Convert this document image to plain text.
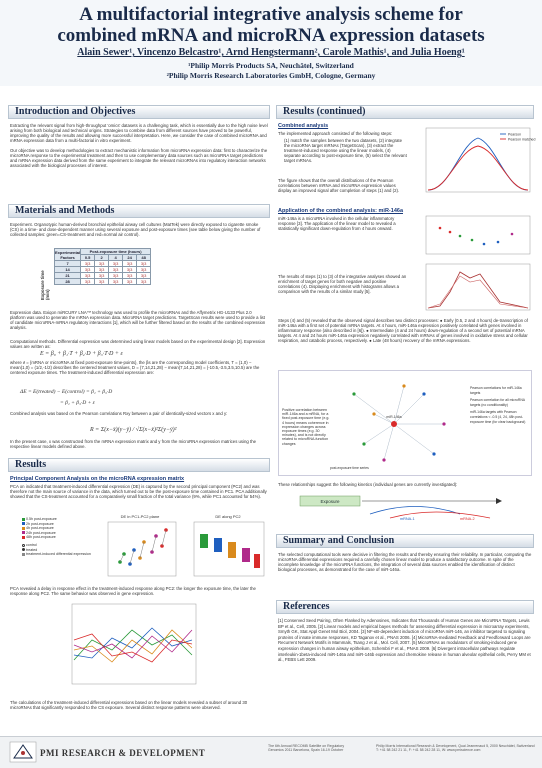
A multifactorial integrative analysis scheme for
combined mRNA and microRNA expression datasets
Alain Sewer¹, Vincenzo Belcastro¹, Arnd Hengstermann², Carole Mathis¹, and Julia Hoeng¹
¹Philip Morris Products SA, Neuchâtel, Switzerland
²Philip Morris Research Laboratories GmbH, Cologne, Germany
Introduction and Objectives
Extracting the relevant signal from high-throughput 'omics' datasets is a challenging task, which is essentially due to the high noise level arising from both biological and technical origins. Strategies to combine data from different sources have proved to be powerful, improving the quality of the results and allowing more successful interpretation. Here, we consider the case of combined microRNA and mRNA expression data from a multi-factorial in vitro experiment.
Our objective was to develop methodologies to extract mechanistic information from microRNA expression data: first to characterize the microRNA response to the experimental treatment and then to use complementary data sources such as microRNA target predictions and mRNA expression data derived from the same experiment to integrate the relevant microRNAs into regulatory interaction networks associated with the biological processes of interest.
Materials and Methods
Experiment. Organotypic human-derived bronchial epithelial airway cell cultures (MatTek) were directly exposed to cigarette smoke (CS) in a time- and dose-dependent manner using several exposure and post-exposure times (see table below giving the number of collected samples: green=CS-treatment and red=normal air control).
Experimental Factors	Post-exposure time (hours)				
	0.5	2	4	24	48
7	3|3	3|3	3|3	3|3	3|3
14	3|3	3|3	3|3	3|3	3|3
21	3|3	3|3	3|3	3|3	3|3
28	3|3	3|3	3|3	3|3	3|3
Exposure time (min)
Expression data. Exiqon miRCURY LNA™ technology was used to profile the microRNAs and the Affymetrix HG-U133 Plus 2.0 platform was used to generate the mRNA expression data. MicroRNA target predictions. TargetScan results were used to provide a list of candidate microRNA-mRNA regulatory interactions [1], which will be further filtered based on the results of the combined expression analysis.
Computational methods. Differential expression was determined using linear models based on the experimental design [2]. Expression values are written as:
E = β₀ + β₁·T + β₂·D + β₃·T·D + ε
where ∂ = {mRNA or microRNA at fixed post-exposure time-points}, the βs are the corresponding model coefficients, T = (1,0) − mean(1,0) = (1/2,-1/2) describes the centered treatment values, D = (7,14,21,28) − mean(7,14,21,28) = (-10.5,-3.5,3.5,10.5) are the centered exposure times. The treatment-induced differential expression are:
ΔE = E(treated) − E(control) = β₁ + β₃·D
= β₁ + β₃·D + ε
Combined analysis was based on the Pearson correlations Rxy between a pair of identically-sized vectors x and y:
R = Σ(x−x̄)(y−ȳ) / √Σ(x−x̄)²Σ(y−ȳ)²
In the present case, x was constructed from the mRNA expression matrix and y from the microRNA expression matrices using the respective linear models defined above.
Results
Principal Component Analysis on the microRNA expression matrix
PCA on indicated that treatment-induced differential expression (DE) is captured by the second principal component (PC2) and was therefore not the main source of variance in the data, which turned out to be the post-exposure time contained in PC1. PCA additionally showed that the CS-treatment accounted for a comparatively small fraction of the total variance (9%, while PC1 accounted for 54%).
0.5h post-exposure
2h post-exposure
4h post-exposure
24h post-exposure
48h post-exposure
control
treated
treatment-induced differential expression
DE in PC1-PC2 plane	DE along PC2
PCA revealed a delay in response effect in the treatment-induced response along PC2: the longer the exposure time, the later the response along PC2. The same behavior was observed in gene expression.
The calculations of the treatment-induced differential expressions based on the linear models revealed a subset of around 30 microRNAs that significantly responded to the CS exposure. Several distinct response patterns were observed.
Results (continued)
Combined analysis
The implemented approach consisted of the following steps:
(1) match the samples between the two datasets, (2) integrate the microRNA target mRNAs (TargetScan), (3) extract the treatment-induced response using the linear models, (4) separate according to post-exposure time, (5) select the relevant target mRNAs.
The figure shows that the overall distributions of the Pearson correlations between mRNA and microRNA expression values display an improved signal after completion of steps (1) and (2).
Pearson
Pearson matched
Application of the combined analysis: miR-146a
miR-146a is a microRNA involved in the cellular inflammatory response [3]. The application of the linear model to revealed a statistically significant down-regulation from 4 hours onward.
The results of steps (1) to (3) of the integrative analyses showed an enrichment of target genes for both negative and positive correlations (4). Displaying enrichment with histograms allows a comparison with the results of a similar study [5].
Steps (4) and (5) revealed that the observed signal describes two distinct processes: ● Early (0.5, 2 and 4 hours) de-transcription of miR-146a with a first set of potential mRNA targets. At 4 hours, miR-146a expression positively correlated with genes involved in inflammatory response (also described in [6]). ● Intermediate (4 and 24 hours) down-regulation of a second set of potential mRNA targets. At 4 and 24 hours miR-146a expression negatively correlated with mRNAs of genes involved in oxidative stress and cellular respiration, and catabolic process, respectively. ● Late (48 hours) recovery of the mRNA expressions.
Positive correlation between miR-146a and a mRNA, for a fixed post-exposure time (e.g. 4 hours) means coherence in expression changes across exposure times (e.g. 30 minutes), and is not directly related to microRNA-function changes
miR-146a
Pearson correlations for miR-146a targets
Pearson correlation for all microRNA targets (no conditionality)
miR-146a targets with Pearson correlations < -0.5 (4, 24, 48h post-exposure time (for clear background)
post-exposure time series
These relationships suggest the following kinetics (individual genes are currently investigated):
Exposure
mRNA-1	mRNA-2
Summary and Conclusion
The selected computational tools were decisive in filtering the results and thereby ensuring their reliability. In particular, computing the microRNA differential expressions required a carefully chosen linear model to produce a satisfactory outcome. In spite of the incomplete knowledge of the microRNA functions, the integration of several data sources enabled the identification of distinct biological processes, as demonstrated for the case of miR-146a.
References
[1] Conserved Seed Pairing, Often Flanked by Adenosines, Indicates that Thousands of Human Genes are MicroRNA Targets, Lewis BP et al., Cell, 2005. [2] Linear models and empirical bayes methods for assessing differential expression in microarray experiments, Smyth GK, Stat Appl Genet Mol Biol, 2004. [3] NF-κB-dependent induction of microRNA miR-146, an inhibitor targeted to signaling proteins of innate immune responses, KD Taganov et al., PNAS 2006. [4] MicroRNA-mediated Feedback and Feedforward Loops are Recurrent Network Motifs in Mammals, Tsang J et al., Mol. Cell, 2007. [5] MicroRNAs as modulators of smoking-induced gene expression changes in human airway epithelium, Schembri F et al., PNAS 2009. [6] Divergent intracellular pathways regulate interleukin-1beta-induced miR-146a and miR-146b expression and chemokine release in human alveolar epithelial cells, Perry MM et al., FEBS Lett 2009.
PMI RESEARCH & DEVELOPMENT
The 6th Annual RECOMB Satellite on Regulatory Genomics 2011 Barcelona, Spain 16-19 October
Philip Morris International Research & Development, Quai Jeanrenaud 5, 2000 Neuchâtel, Switzerland T: +41 58 242 21 11, F: +41 58 242 28 11, W: www.pmiscience.com
